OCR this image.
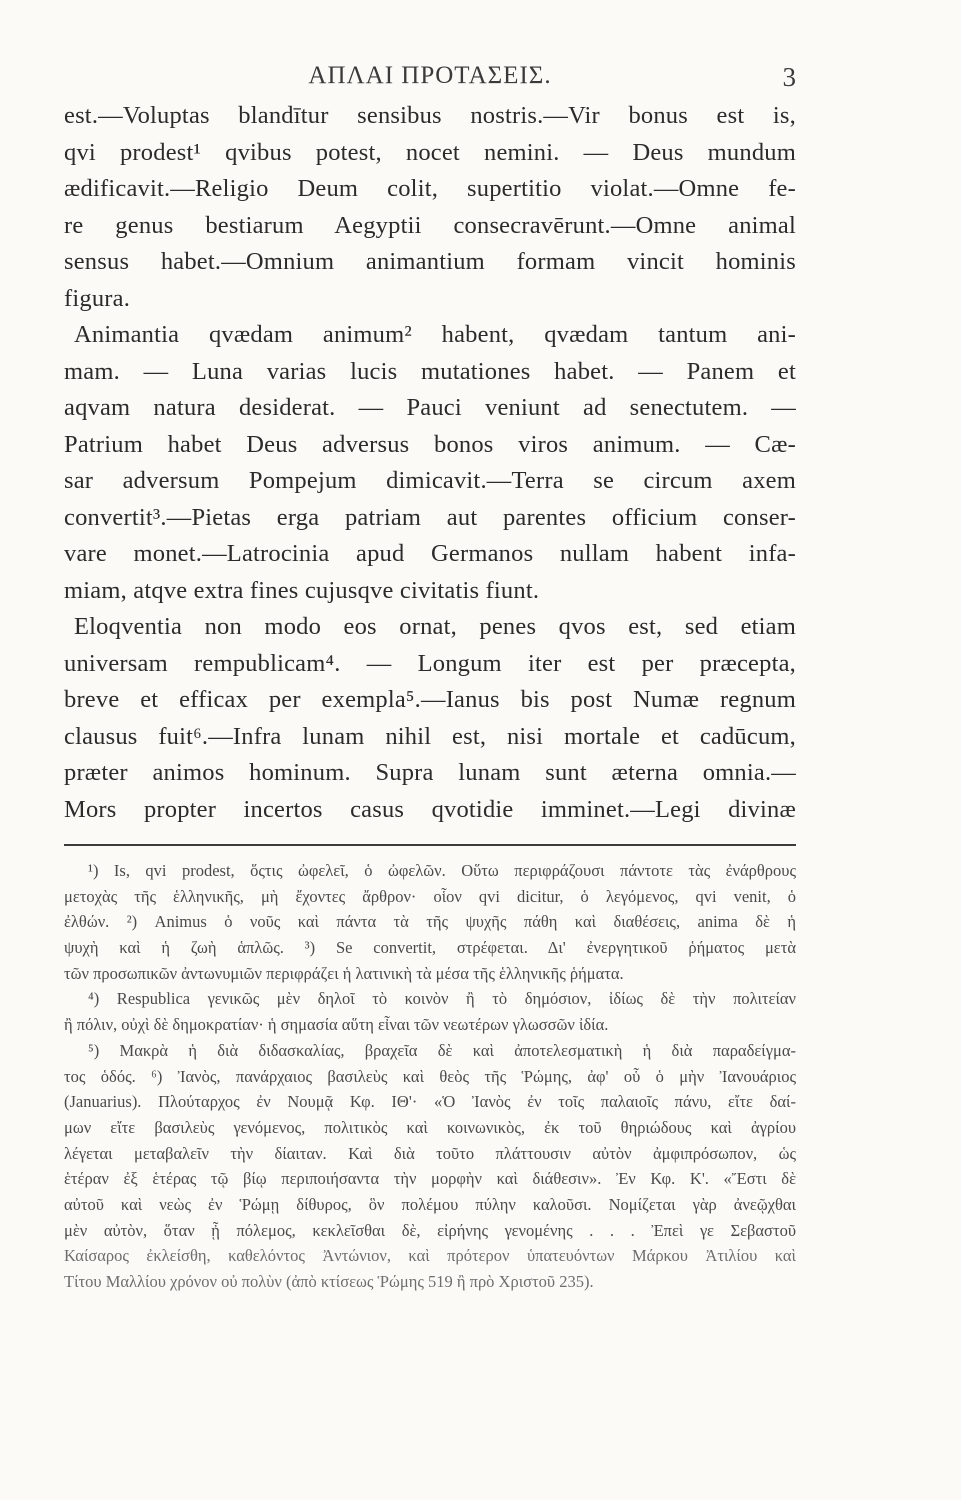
ΑΠΛΑΙ ΠΡΟΤΑΣΕΙΣ.	3
est.—Voluptas blandītur sensibus nostris.—Vir bonus est is,
qvi prodest¹ qvibus potest, nocet nemini. — Deus mundum
ædificavit.—Religio Deum colit, supertitio violat.—Omne fe-
re genus bestiarum Aegyptii consecravērunt.—Omne animal
sensus habet.—Omnium animantium formam vincit hominis
figura.
Animantia qvædam animum² habent, qvædam tantum ani-
mam. — Luna varias lucis mutationes habet. — Panem et
aqvam natura desiderat. — Pauci veniunt ad senectutem. —
Patrium habet Deus adversus bonos viros animum. — Cæ-
sar adversum Pompejum dimicavit.—Terra se circum axem
convertit³.—Pietas erga patriam aut parentes officium conser-
vare monet.—Latrocinia apud Germanos nullam habent infa-
miam, atqve extra fines cujusqve civitatis fiunt.
Eloqventia non modo eos ornat, penes qvos est, sed etiam
universam rempublicam⁴. — Longum iter est per præcepta,
breve et efficax per exempla⁵.—Ianus bis post Numæ regnum
clausus fuit⁶.—Infra lunam nihil est, nisi mortale et cadūcum,
præter animos hominum. Supra lunam sunt æterna omnia.—
Mors propter incertos casus qvotidie imminet.—Legi divinæ
¹) Is, qvi prodest, ὅςτις ὠφελεῖ, ὁ ὠφελῶν. Οὕτω περιφράζουσι πάντοτε τὰς ἐνάρθρους
μετοχὰς τῆς ἑλληνικῆς, μὴ ἔχοντες ἄρθρον· οἷον qvi dicitur, ὁ λεγόμενος, qvi venit, ὁ
ἐλθών. ²) Animus ὁ νοῦς καὶ πάντα τὰ τῆς ψυχῆς πάθη καὶ διαθέσεις, anima δὲ ἡ
ψυχὴ καὶ ἡ ζωὴ ἁπλῶς. ³) Se convertit, στρέφεται. Δι' ἐνεργητικοῦ ῥήματος μετὰ
τῶν προσωπικῶν ἀντωνυμιῶν περιφράζει ἡ λατινικὴ τὰ μέσα τῆς ἑλληνικῆς ῥήματα.
⁴) Respublica γενικῶς μὲν δηλοῖ τὸ κοινὸν ἢ τὸ δημόσιον, ἰδίως δὲ τὴν πολιτείαν
ἢ πόλιν, οὐχὶ δὲ δημοκρατίαν· ἡ σημασία αὕτη εἶναι τῶν νεωτέρων γλωσσῶν ἰδία.
⁵) Μακρὰ ἡ διὰ διδασκαλίας, βραχεῖα δὲ καὶ ἀποτελεσματικὴ ἡ διὰ παραδείγμα-
τος ὁδός. ⁶) Ἰανὸς, πανάρχαιος βασιλεὺς καὶ θεὸς τῆς Ῥώμης, ἀφ' οὗ ὁ μὴν Ἰανουάριος
(Januarius). Πλούταρχος ἐν Νουμᾷ Κφ. ΙΘ'· «Ὁ Ἰανὸς ἐν τοῖς παλαιοῖς πάνυ, εἴτε δαί-
μων εἴτε βασιλεὺς γενόμενος, πολιτικὸς καὶ κοινωνικὸς, ἐκ τοῦ θηριώδους καὶ ἀγρίου
λέγεται μεταβαλεῖν τὴν δίαιταν. Καὶ διὰ τοῦτο πλάττουσιν αὐτὸν ἀμφιπρόσωπον, ὡς
ἑτέραν ἐξ ἑτέρας τῷ βίῳ περιποιήσαντα τὴν μορφὴν καὶ διάθεσιν». Ἐν Κφ. Κ'. «Ἔστι δὲ
αὐτοῦ καὶ νεὼς ἐν Ῥώμῃ δίθυρος, ὃν πολέμου πύλην καλοῦσι. Νομίζεται γὰρ ἀνεῷχθαι
μὲν αὐτὸν, ὅταν ᾖ πόλεμος, κεκλεῖσθαι δὲ, εἰρήνης γενομένης . . . Ἐπεὶ γε Σεβαστοῦ
Καίσαρος ἐκλείσθη, καθελόντος Ἀντώνιον, καὶ πρότερον ὑπατευόντων Μάρκου Ἀτιλίου καὶ
Τίτου Μαλλίου χρόνον οὐ πολὺν (ἀπὸ κτίσεως Ῥώμης 519 ἢ πρὸ Χριστοῦ 235).
